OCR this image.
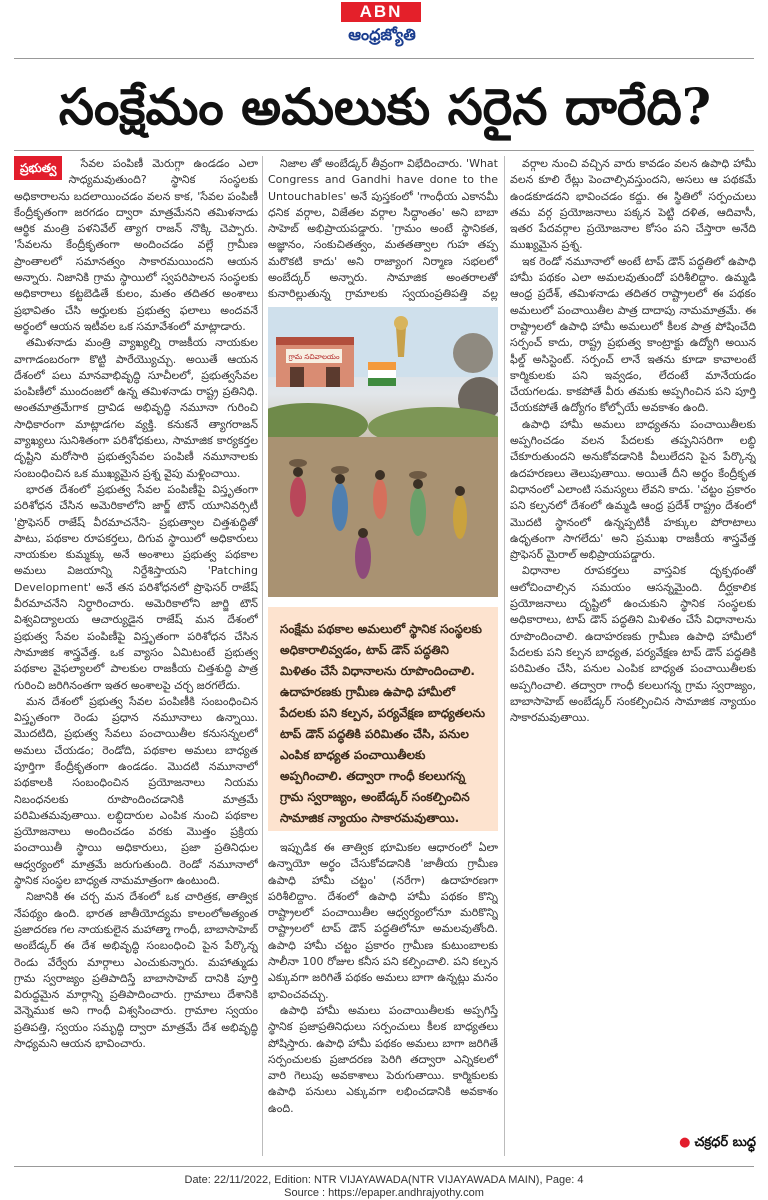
ABN
ఆంధ్రజ్యోతి
సంక్షేమం అమలుకు సరైన దారేది?
ప్రభుత్వ	సేవల పంపిణీ మెరుగ్గా ఉండడం ఎలా సాధ్యమవుతుంది? స్థానిక సంస్థలకు అధికారాలను బదలాయించడం వలన కాక, 'సేవల పంపిణీ కేంద్రీకృతంగా జరగడం ద్వారా మాత్రమేనని తమిళనాడు ఆర్థిక మంత్రి పళనివేల్ త్యాగ రాజన్ నొక్కి చెప్పారు. 'సేవలను కేంద్రీకృతంగా అందించడం వల్లే గ్రామీణ ప్రాంతాలలో సమానత్వం సాకారమయిందని ఆయన అన్నారు. నిజానికి గ్రామ స్థాయిలో స్వపరిపాలన సంస్థలకు అధికారాలు కట్టబెడితే కులం, మతం తదితర అంశాలు ప్రభావితం చేసి అర్హులకు ప్రభుత్వ ఫలాలు అందవనే అర్థంలో ఆయన ఇటీవల ఒక సమావేశంలో మాట్లాడారు.

తమిళనాడు మంత్రి వ్యాఖ్యల్ని రాజకీయ నాయకుల వాగాడంబరంగా కొట్టి పారేయ్యొచ్చు. అయితే ఆయన దేశంలో పలు మానవాభివృద్ధి సూచీలలో, ప్రభుత్వసేవల పంపిణీలో ముందంజలో ఉన్న తమిళనాడు రాష్ట్ర ప్రతినిధి. అంతమాత్రమేగాక ద్రావిడ అభివృద్ధి నమూనా గురించి సాధికారంగా మాట్లాడగల వ్యక్తి. కనుకనే త్యాగరాజన్ వ్యాఖ్యలు సునిశితంగా పరిశోధకులు, సామాజిక కార్యకర్తల దృష్టిని మరోసారి ప్రభుత్వసేవల పంపిణీ నమూనాలకు సంబంధించిన ఒక ముఖ్యమైన ప్రశ్న వైపు మళ్లించాయి.

భారత దేశంలో ప్రభుత్వ సేవల పంపిణీపై విస్తృతంగా పరిశోధన చేసిన అమెరికాలోని జార్జ్ టౌన్ యూనివర్సిటీ 'ప్రొఫెసర్ రాజేష్ వీరమాచనేని- ప్రభుత్వాల చిత్తశుద్ధితో పాటు, పథకాల రూపకర్తలు, దిగువ స్థాయిలో అధికారులు నాయకుల కుమ్మక్కు అనే అంశాలు ప్రభుత్వ పథకాల అమలు విజయాన్ని నిర్దేశిస్తాయని 'Patching Development' అనే తన పరిశోధనలో ప్రొఫెసర్ రాజేష్ వీరమాచనేని నిర్ధారించారు. అమెరికాలోని జార్జి టౌన్ విశ్వవిద్యాలయ ఆచార్యుడైన రాజేష్ మన దేశంలో ప్రభుత్వ సేవల పంపిణీపై విస్తృతంగా పరిశోధన చేసిన సామాజిక శాస్త్రవేత్త. ఒక వ్యాసం ఏమిటంటే ప్రభుత్వ పథకాల వైఫల్యాలలో పాలకుల రాజకీయ చిత్తశుద్ధి పాత్ర గురించి జరిగినంతగా ఇతర అంశాలపై చర్చ జరగలేదు.

మన దేశంలో ప్రభుత్వ సేవల పంపిణీకి సంబంధించిన విస్తృతంగా రెండు ప్రధాన నమూనాలు ఉన్నాయి. మొదటిది, ప్రభుత్వ సేవలు పంచాయితీల కనుసన్నలలో అమలు చేయడం; రెండోది, పథకాల అమలు బాధ్యత పూర్తిగా కేంద్రీకృతంగా ఉండడం. మొదటి నమూనాలో పథకాలకి సంబంధించిన ప్రయోజనాలు నియమ నిబంధనలకు రూపొందించడానికి మాత్రమే పరిమితమవుతాయి. లబ్ధిదారుల ఎంపిక నుంచి పథకాల ప్రయోజనాలు అందించడం వరకు మొత్తం ప్రక్రియ పంచాయితీ స్థాయి అధికారులు, ప్రజా ప్రతినిధుల ఆధ్వర్యంలో మాత్రమే జరుగుతుంది. రెండో నమూనాలో స్థానిక సంస్థల బాధ్యత నామమాత్రంగా ఉంటుంది.

నిజానికి ఈ చర్చ మన దేశంలో ఒక చారిత్రక, తాత్విక నేపథ్యం ఉంది. భారత జాతీయోద్యమ కాలంలోఅత్యంత ప్రజాదరణ గల నాయకులైన మహాత్మా గాంధీ, బాబాసాహెబ్ అంబేడ్కర్ ఈ దేశ అభివృద్ధి సంబంధించి పైన పేర్కొన్న రెండు వేర్వేరు మార్గాలు ఎంచుకున్నారు. మహాత్ముడు గ్రామ స్వరాజ్యం ప్రతిపాదిస్తే బాబాసాహెబ్ దానికి పూర్తి విరుద్ధమైన మార్గాన్ని ప్రతిపాదించారు. గ్రామాలు దేశానికి వెన్నెముక అని గాంధీ విశ్వసించారు. గ్రామాల స్వయం ప్రతిపత్తి, స్వయం సమృద్ధి ద్వారా మాత్రమే దేశ అభివృద్ధి సాధ్యమని ఆయన భావించారు.

నిజాల తో అంబేడ్కర్ తీవ్రంగా విభేదించారు. 'What Congress and Gandhi have done to the Untouchables' అనే పుస్తకంలో 'గాంధీయ ఎకానమీ ధనిక వర్గాల, విజేతల వర్గాల సిద్ధాంతం' అని బాబా సాహెబ్ అభిప్రాయపడ్డారు. 'గ్రామం అంటే స్థానికత, అజ్ఞానం, సంకుచితత్వం, మతతత్వాల గుహ తప్ప మరొకటి కాదు' అని రాజ్యాంగ నిర్మాణ సభలలో అంబేద్కర్ అన్నారు. సామాజిక అంతరాలతో కునారిల్లుతున్న గ్రామాలకు స్వయంప్రతిపత్తి వల్ల

గ్రామ సచివాలయం
సంక్షేమ పథకాల అమలులో స్థానిక సంస్థలకు అధికారాలివ్వడం, టాప్ డౌన్ పద్ధతిని మిళితం చేసే విధానాలను రూపొందించాలి. ఉదాహరణకు గ్రామీణ ఉపాధి హామీలో పేదలకు పని కల్పన, పర్యవేక్షణ బాధ్యతలను టాప్ డౌన్ పద్ధతికి పరిమితం చేసి, పనుల ఎంపిక బాధ్యత పంచాయితీలకు అప్పగించాలి. తద్వారా గాంధీ కలలుగన్న గ్రామ స్వరాజ్యం, అంబేడ్కర్ సంకల్పించిన సామాజిక న్యాయం సాకారమవుతాయి.

ఇప్పుడిక ఈ తాత్విక భూమికల ఆధారంలో ఏలా ఉన్నాయో అర్థం చేసుకోవడానికి 'జాతీయ గ్రామీణ ఉపాధి హామీ చట్టం' (నరేగా) ఉదాహరణగా పరిశీలిద్దాం. దేశంలో ఉపాధి హామీ పథకం కొన్ని రాష్ట్రాలలో పంచాయితీల ఆధ్వర్యంలోనూ మరికొన్ని రాష్ట్రాలలో టాప్ డౌన్ పద్ధతిలోనూ అమలవుతోంది. ఉపాధి హామీ చట్టం ప్రకారం గ్రామీణ కుటుంబాలకు సాలీనా 100 రోజుల కనీస పని కల్పించాలి. పని కల్పన ఎక్కువగా జరిగితే పథకం అమలు బాగా ఉన్నట్లు మనం భావించవచ్చు.

ఉపాధి హామీ అమలు పంచాయితీలకు అప్పగిస్తే స్థానిక ప్రజాప్రతినిధులు సర్పంచులు కీలక బాధ్యతలు పోషిస్తారు. ఉపాధి హామీ పథకం అమలు బాగా జరిగితే సర్పంచులకు ప్రజాదరణ పెరిగి తద్వారా ఎన్నికలలో వారి గెలుపు అవకాశాలు పెరుగుతాయి. కార్మికులకు ఉపాధి పనులు ఎక్కువగా లభించడానికి అవకాశం ఉంది.

వర్గాల నుంచి వచ్చిన వారు కావడం వలన ఉపాధి హామీ వలన కూలి రేట్లు పెంచాల్సివస్తుందని, అసలు ఆ పథకమే ఉండకూడదని భావించడం కద్దు. ఈ స్థితిలో సర్పంచులు తమ వర్గ ప్రయోజనాలు పక్కన పెట్టి దళిత, ఆదివాసీ, ఇతర పేదవర్గాల ప్రయోజనాల కోసం పని చేస్తారా అనేది ముఖ్యమైన ప్రశ్న.

ఇక రెండో నమూనాలో అంటే టాప్ డౌన్ పద్ధతిలో ఉపాధి హామీ పథకం ఎలా అమలవుతుందో పరిశీలిద్దాం. ఉమ్మడి ఆంధ్ర ప్రదేశ్, తమిళనాడు తదితర రాష్ట్రాలలో ఈ పథకం అమలులో పంచాయితీల పాత్ర దాదాపు నామమాత్రమే. ఈ రాష్ట్రాలలో ఉపాధి హామీ అమలులో కీలక పాత్ర పోషించేది సర్పంచ్ కాదు, రాష్ట్ర ప్రభుత్వ కాంట్రాక్టు ఉద్యోగి అయిన ఫీల్డ్ అసిస్టెంట్. సర్పంచ్ లానే ఇతను కూడా కావాలంటే కార్మికులకు పని ఇవ్వడం, లేదంటే మానేయడం చేయగలడు. కాకపోతే వీరు తమకు అప్పగించిన పని పూర్తి చేయకపోతే ఉద్యోగం కోల్పోయే అవకాశం ఉంది.

ఉపాధి హామీ అమలు బాధ్యతను పంచాయితీలకు అప్పగించడం వలన పేదలకు తప్పనిసరిగా లబ్ధి చేకూరుతుందని అనుకోవడానికి వీలులేదని పైన పేర్కొన్న ఉదహరణలు తెలుపుతాయి. అయితే దీని అర్థం కేంద్రీకృత విధానంలో ఎలాంటి సమస్యలు లేవని కాదు. 'చట్టం ప్రకారం పని కల్పనలో దేశంలో ఉమ్మడి ఆంధ్ర ప్రదేశ్ రాష్ట్రం దేశంలో మొదటి స్థానంలో ఉన్నప్పటికీ హక్కుల పోరాటాలు ఉధృతంగా సాగలేదు' అని ప్రముఖ రాజకీయ శాస్త్రవేత్త ప్రొఫెసర్ మైరాల్ అభిప్రాయపడ్డారు.

విధానాల రూపకర్తలు వాస్తవిక దృక్పథంతో ఆలోచించాల్సిన సమయం ఆసన్నమైంది. దీర్ఘకాలిక ప్రయోజనాలు దృష్టిలో ఉంచుకుని స్థానిక సంస్థలకు అధికారాలు, టాప్ డౌన్ పద్ధతిని మిళితం చేసే విధానాలను రూపొందించాలి. ఉదాహరణకు గ్రామీణ ఉపాధి హామీలో పేదలకు పని కల్పన బాధ్యత, పర్యవేక్షణ టాప్ డౌన్ పద్ధతికి పరిమితం చేసి, పనుల ఎంపిక బాధ్యత పంచాయితీలకు అప్పగించాలి. తద్వారా గాంధీ కలలుగన్న గ్రామ స్వరాజ్యం, బాబాసాహెబ్ అంబేడ్కర్ సంకల్పించిన సామాజిక న్యాయం సాకారమవుతాయి.

● చక్రధర్ బుధ్ధ
Date: 22/11/2022, Edition: NTR VIJAYAWADA(NTR VIJAYAWADA MAIN), Page: 4
Source : https://epaper.andhrajyothy.com
